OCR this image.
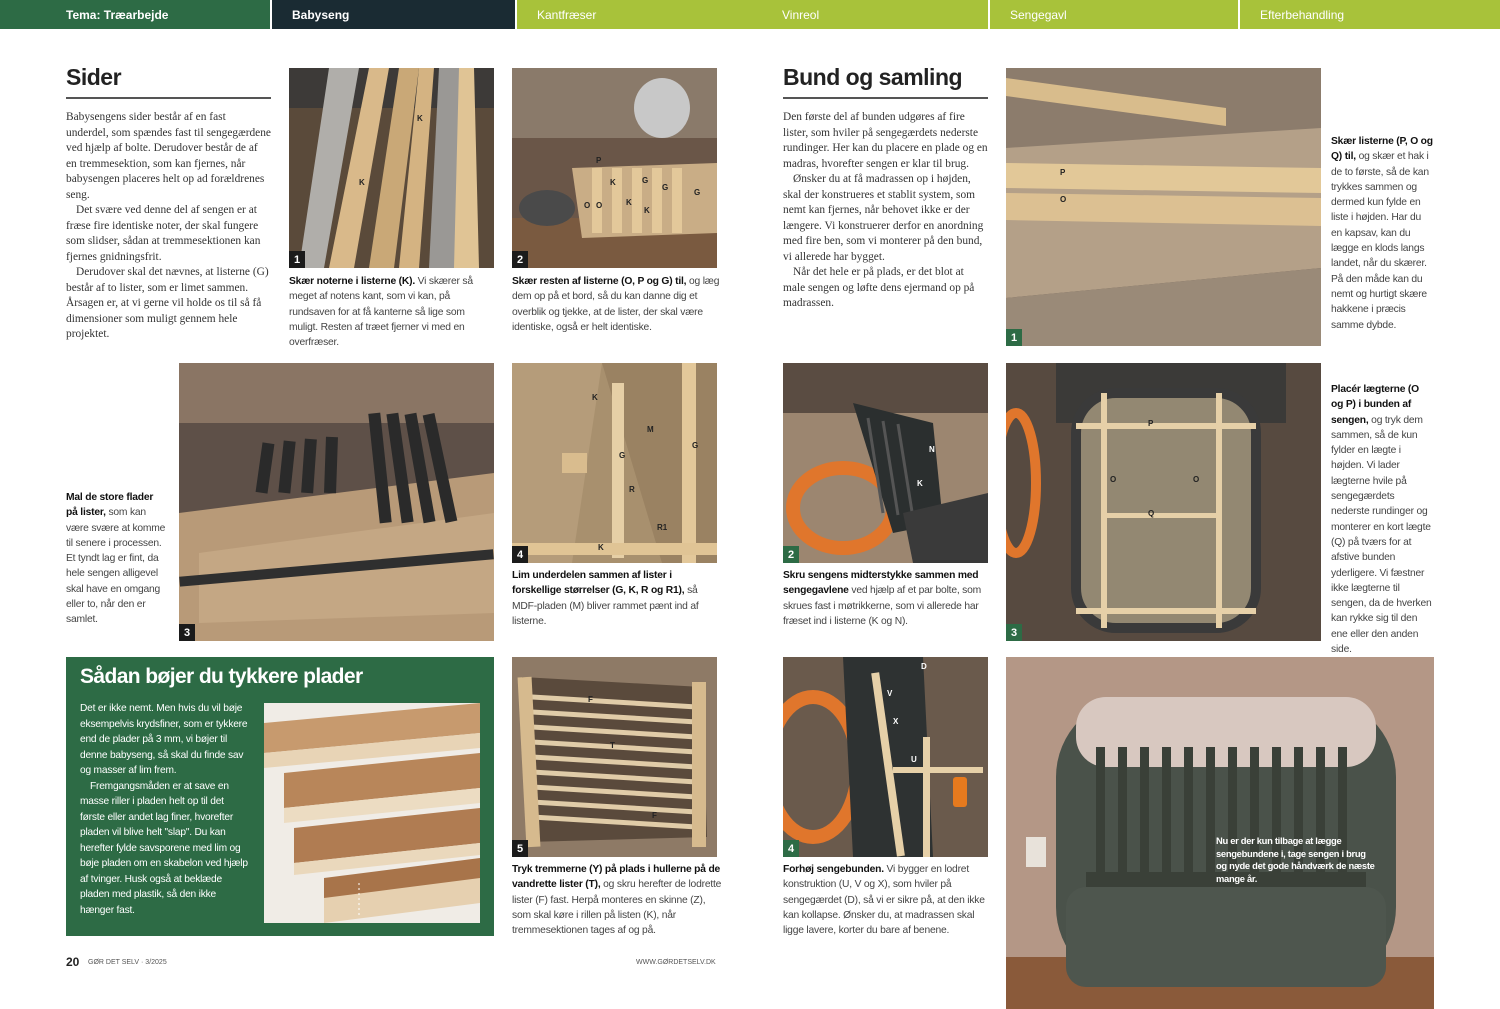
Tema: Træarbejde	Babyseng	Kantfræser	Vinreol	Sengegavl	Efterbehandling
Sider

Babysengens sider består af en fast underdel, som spændes fast til sengegærdene ved hjælp af bolte. Derudover består de af en tremmesektion, som kan fjernes, når babysengen placeres helt op ad forældrenes seng.

Det svære ved denne del af sengen er at fræse fire identiske noter, der skal fungere som slidser, sådan at tremmesektionen kan fjernes gnidningsfrit.

Derudover skal det nævnes, at listerne (G) består af to lister, som er limet sammen. Årsagen er, at vi gerne vil holde os til så få dimensioner som muligt gennem hele projektet.

K
K
1
Skær noterne i listerne (K). Vi skærer så meget af notens kant, som vi kan, på rundsaven for at få kanterne så lige som muligt. Resten af træet fjerner vi med en overfræser.
P
K	G
G
G
O O	K
K
2
Skær resten af listerne (O, P og G) til, og læg dem op på et bord, så du kan danne dig et overblik og tjekke, at de lister, der skal være identiske, også er helt identiske.
Mal de store flader på lister, som kan være svære at komme til senere i processen. Et tyndt lag er fint, da hele sengen alligevel skal have en omgang eller to, når den er samlet.
3
K
M
G
G
R
R1
K
4
Lim underdelen sammen af lister i forskellige størrelser (G, K, R og R1), så MDF-pladen (M) bliver rammet pænt ind af listerne.
Sådan bøjer du tykkere plader

Det er ikke nemt. Men hvis du vil bøje eksempelvis krydsfiner, som er tykkere end de plader på 3 mm, vi bøjer til denne babyseng, så skal du finde sav og masser af lim frem.

Fremgangsmåden er at save en masse riller i pladen helt op til det første eller andet lag finer, hvorefter pladen vil blive helt "slap". Du kan herefter fylde savsporene med lim og bøje pladen om en skabelon ved hjælp af tvinger. Husk også at beklæde pladen med plastik, så den ikke hænger fast.

F
T
F
5
Tryk tremmerne (Y) på plads i hullerne på de vandrette lister (T), og skru herefter de lodrette lister (F) fast. Herpå monteres en skinne (Z), som skal køre i rillen på listen (K), når tremmesektionen tages af og på.
20 GØR DET SELV · 3/2025	WWW.GØRDETSELV.DK
Bund og samling

Den første del af bunden udgøres af fire lister, som hviler på sengegærdets nederste rundinger. Her kan du placere en plade og en madras, hvorefter sengen er klar til brug.

Ønsker du at få madrassen op i højden, skal der konstrueres et stablit system, som nemt kan fjernes, når behovet ikke er der længere. Vi konstruerer derfor en anordning med fire ben, som vi monterer på den bund, vi allerede har bygget.

Når det hele er på plads, er det blot at male sengen og løfte dens ejermand op på madrassen.

P
O
1
Skær listerne (P, O og Q) til, og skær et hak i de to første, så de kan trykkes sammen og dermed kun fylde en liste i højden. Har du en kapsav, kan du lægge en klods langs landet, når du skærer. På den måde kan du nemt og hurtigt skære hakkene i præcis samme dybde.
N
K
2
Skru sengens midterstykke sammen med sengegavlene ved hjælp af et par bolte, som skrues fast i møtrikkerne, som vi allerede har fræset ind i listerne (K og N).
P
O	O
Q
3
Placér lægterne (O og P) i bunden af sengen, og tryk dem sammen, så de kun fylder en lægte i højden. Vi lader lægterne hvile på sengegærdets nederste rundinger og monterer en kort lægte (Q) på tværs for at afstive bunden yderligere. Vi fæstner ikke lægterne til sengen, da de hverken kan rykke sig til den ene eller den anden side.
D
V
X
U
4
Forhøj sengebunden. Vi bygger en lodret konstruktion (U, V og X), som hviler på sengegærdet (D), så vi er sikre på, at den ikke kan kollapse. Ønsker du, at madrassen skal ligge lavere, korter du bare af benene.
Nu er der kun tilbage at lægge sengebundene i, tage sengen i brug og nyde det gode håndværk de næste mange år.
